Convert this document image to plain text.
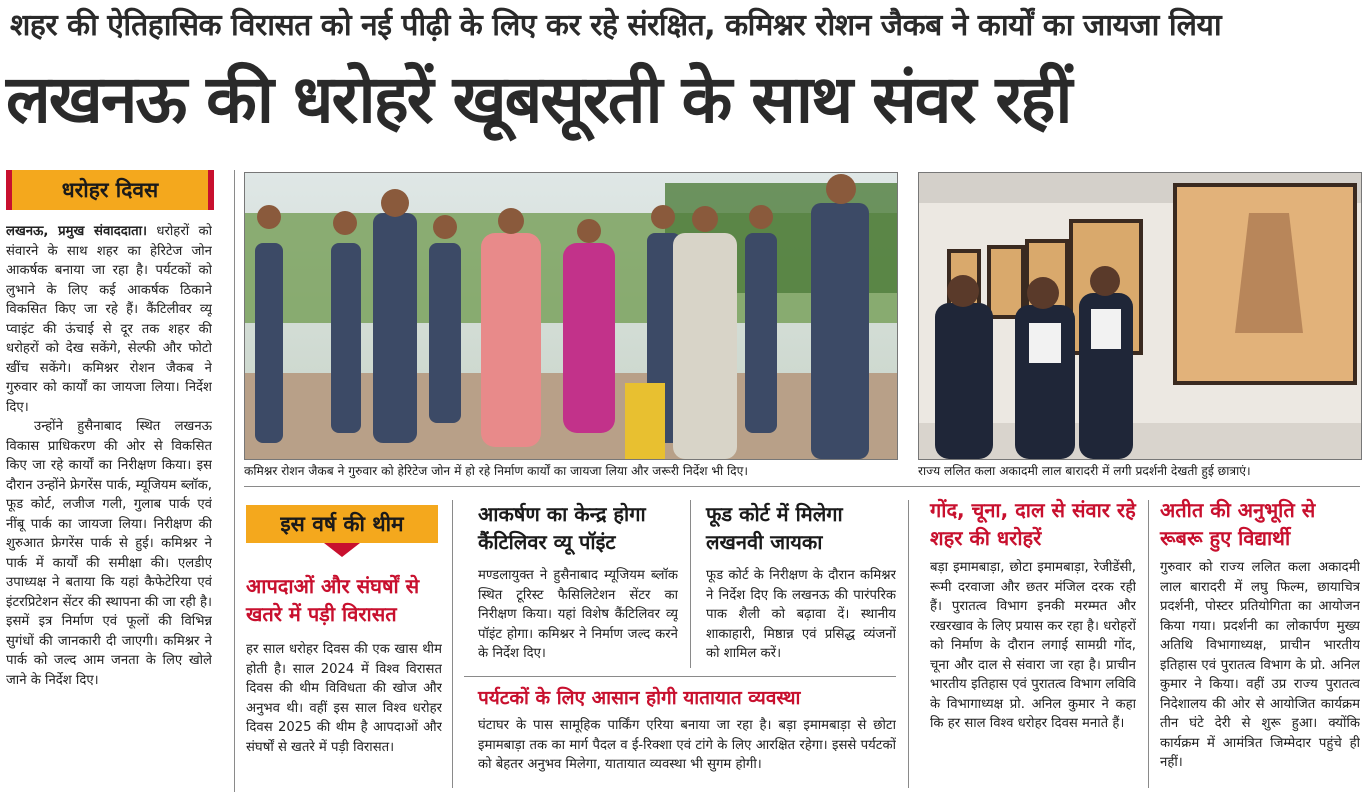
शहर की ऐतिहासिक विरासत को नई पीढ़ी के लिए कर रहे संरक्षित, कमिश्नर रोशन जैकब ने कार्यों का जायजा लिया
लखनऊ की धरोहरें खूबसूरती के साथ संवर रहीं
धरोहर दिवस

लखनऊ, प्रमुख संवाददाता। धरोहरों को संवारने के साथ शहर का हेरिटेज जोन आकर्षक बनाया जा रहा है। पर्यटकों को लुभाने के लिए कई आकर्षक ठिकाने विकसित किए जा रहे हैं। कैंटिलीवर व्यू प्वाइंट की ऊंचाई से दूर तक शहर की धरोहरों को देख सकेंगे, सेल्फी और फोटो खींच सकेंगे। कमिश्नर रोशन जैकब ने गुरुवार को कार्यों का जायजा लिया। निर्देश दिए।

उन्होंने हुसैनाबाद स्थित लखनऊ विकास प्राधिकरण की ओर से विकसित किए जा रहे कार्यों का निरीक्षण किया। इस दौरान उन्होंने फ्रेगरेंस पार्क, म्यूजियम ब्लॉक, फूड कोर्ट, लजीज गली, गुलाब पार्क एवं नींबू पार्क का जायजा लिया। निरीक्षण की शुरुआत फ्रेगरेंस पार्क से हुई। कमिश्नर ने पार्क में कार्यों की समीक्षा की। एलडीए उपाध्यक्ष ने बताया कि यहां कैफेटेरिया एवं इंटरप्रिटेशन सेंटर की स्थापना की जा रही है। इसमें इत्र निर्माण एवं फूलों की विभिन्न सुगंधों की जानकारी दी जाएगी। कमिश्नर ने पार्क को जल्द आम जनता के लिए खोले जाने के निर्देश दिए।

कमिश्नर रोशन जैकब ने गुरुवार को हेरिटेज जोन में हो रहे निर्माण कार्यों का जायजा लिया और जरूरी निर्देश भी दिए।	राज्य ललित कला अकादमी लाल बारादरी में लगी प्रदर्शनी देखती हुई छात्राएं।
इस वर्ष की थीम
आपदाओं और संघर्षों से खतरे में पड़ी विरासत
हर साल धरोहर दिवस की एक खास थीम होती है। साल 2024 में विश्व विरासत दिवस की थीम विविधता की खोज और अनुभव थी। वहीं इस साल विश्व धरोहर दिवस 2025 की थीम है आपदाओं और संघर्षों से खतरे में पड़ी विरासत।
आकर्षण का केन्द्र होगा कैंटिलिवर व्यू पॉइंट
मण्डलायुक्त ने हुसैनाबाद म्यूजियम ब्लॉक स्थित टूरिस्ट फैसिलिटेशन सेंटर का निरीक्षण किया। यहां विशेष कैंटिलिवर व्यू पॉइंट होगा। कमिश्नर ने निर्माण जल्द करने के निर्देश दिए।
फूड कोर्ट में मिलेगा लखनवी जायका
फूड कोर्ट के निरीक्षण के दौरान कमिश्नर ने निर्देश दिए कि लखनऊ की पारंपरिक पाक शैली को बढ़ावा दें। स्थानीय शाकाहारी, मिष्ठान्न एवं प्रसिद्ध व्यंजनों को शामिल करें।
पर्यटकों के लिए आसान होगी यातायात व्यवस्था
घंटाघर के पास सामूहिक पार्किंग एरिया बनाया जा रहा है। बड़ा इमामबाड़ा से छोटा इमामबाड़ा तक का मार्ग पैदल व ई-रिक्शा एवं टांगे के लिए आरक्षित रहेगा। इससे पर्यटकों को बेहतर अनुभव मिलेगा, यातायात व्यवस्था भी सुगम होगी।
गोंद, चूना, दाल से संवार रहे शहर की धरोहरें
बड़ा इमामबाड़ा, छोटा इमामबाड़ा, रेजीडेंसी, रूमी दरवाजा और छतर मंजिल दरक रही हैं। पुरातत्व विभाग इनकी मरम्मत और रखरखाव के लिए प्रयास कर रहा है। धरोहरों को निर्माण के दौरान लगाई सामग्री गोंद, चूना और दाल से संवारा जा रहा है। प्राचीन भारतीय इतिहास एवं पुरातत्व विभाग लविवि के विभागाध्यक्ष प्रो. अनिल कुमार ने कहा कि हर साल विश्व धरोहर दिवस मनाते हैं।
अतीत की अनुभूति से रूबरू हुए विद्यार्थी
गुरुवार को राज्य ललित कला अकादमी लाल बारादरी में लघु फिल्म, छायाचित्र प्रदर्शनी, पोस्टर प्रतियोगिता का आयोजन किया गया। प्रदर्शनी का लोकार्पण मुख्य अतिथि विभागाध्यक्ष, प्राचीन भारतीय इतिहास एवं पुरातत्व विभाग के प्रो. अनिल कुमार ने किया। वहीं उप्र राज्य पुरातत्व निदेशालय की ओर से आयोजित कार्यक्रम तीन घंटे देरी से शुरू हुआ। क्योंकि कार्यक्रम में आमंत्रित जिम्मेदार पहुंचे ही नहीं।
